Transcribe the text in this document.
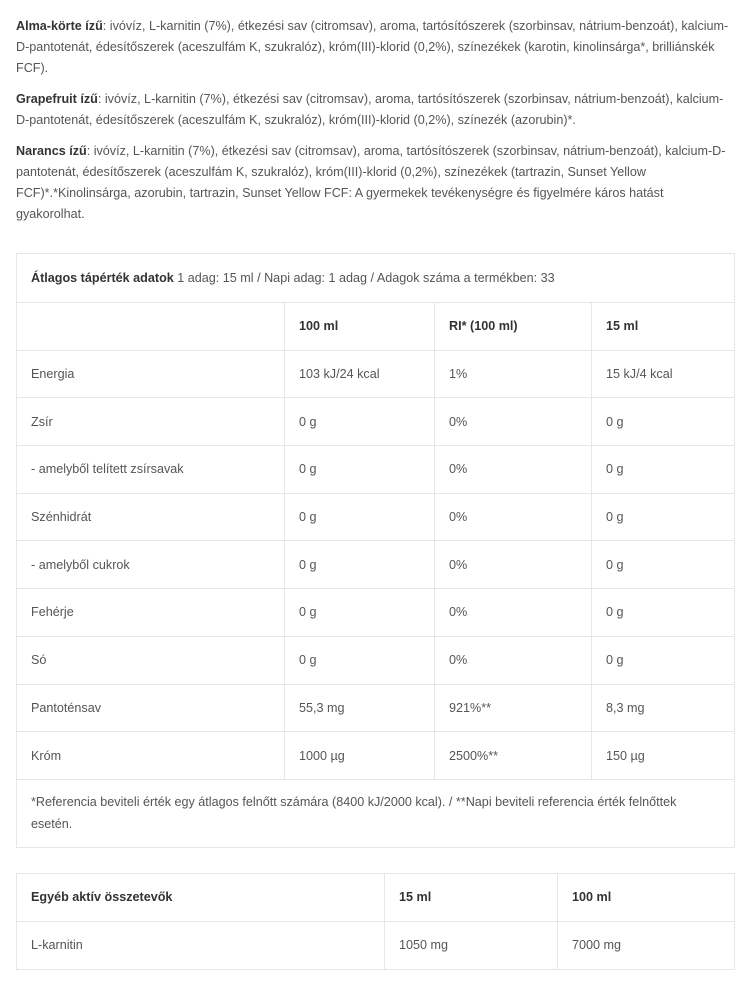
Alma-körte ízű: ivóvíz, L-karnitin (7%), étkezési sav (citromsav), aroma, tartósítószerek (szorbinsav, nátrium-benzoát), kalcium-D-pantotenát, édesítőszerek (aceszulfám K, szukralóz), króm(III)-klorid (0,2%), színezékek (karotin, kinolinsárga*, brilliánskék FCF).

Grapefruit ízű: ivóvíz, L-karnitin (7%), étkezési sav (citromsav), aroma, tartósítószerek (szorbinsav, nátrium-benzoát), kalcium-D-pantotenát, édesítőszerek (aceszulfám K, szukralóz), króm(III)-klorid (0,2%), színezék (azorubin)*.

Narancs ízű: ivóvíz, L-karnitin (7%), étkezési sav (citromsav), aroma, tartósítószerek (szorbinsav, nátrium-benzoát), kalcium-D-pantotenát, édesítőszerek (aceszulfám K, szukralóz), króm(III)-klorid (0,2%), színezékek (tartrazin, Sunset Yellow FCF)*.*Kinolinsárga, azorubin, tartrazin, Sunset Yellow FCF: A gyermekek tevékenységre és figyelmére káros hatást gyakorolhat.

Átlagos tápérték adatok 1 adag: 15 ml / Napi adag: 1 adag / Adagok száma a termékben: 33			
	100 ml	RI* (100 ml)	15 ml
Energia	103 kJ/24 kcal	1%	15 kJ/4 kcal
Zsír	0 g	0%	0 g
- amelyből telített zsírsavak	0 g	0%	0 g
Szénhidrát	0 g	0%	0 g
- amelyből cukrok	0 g	0%	0 g
Fehérje	0 g	0%	0 g
Só	0 g	0%	0 g
Pantoténsav	55,3 mg	921%**	8,3 mg
Króm	1000 µg	2500%**	150 µg
*Referencia beviteli érték egy átlagos felnőtt számára (8400 kJ/2000 kcal). / **Napi beviteli referencia érték felnőttek esetén.			
Egyéb aktív összetevők	15 ml	100 ml
L-karnitin	1050 mg	7000 mg
